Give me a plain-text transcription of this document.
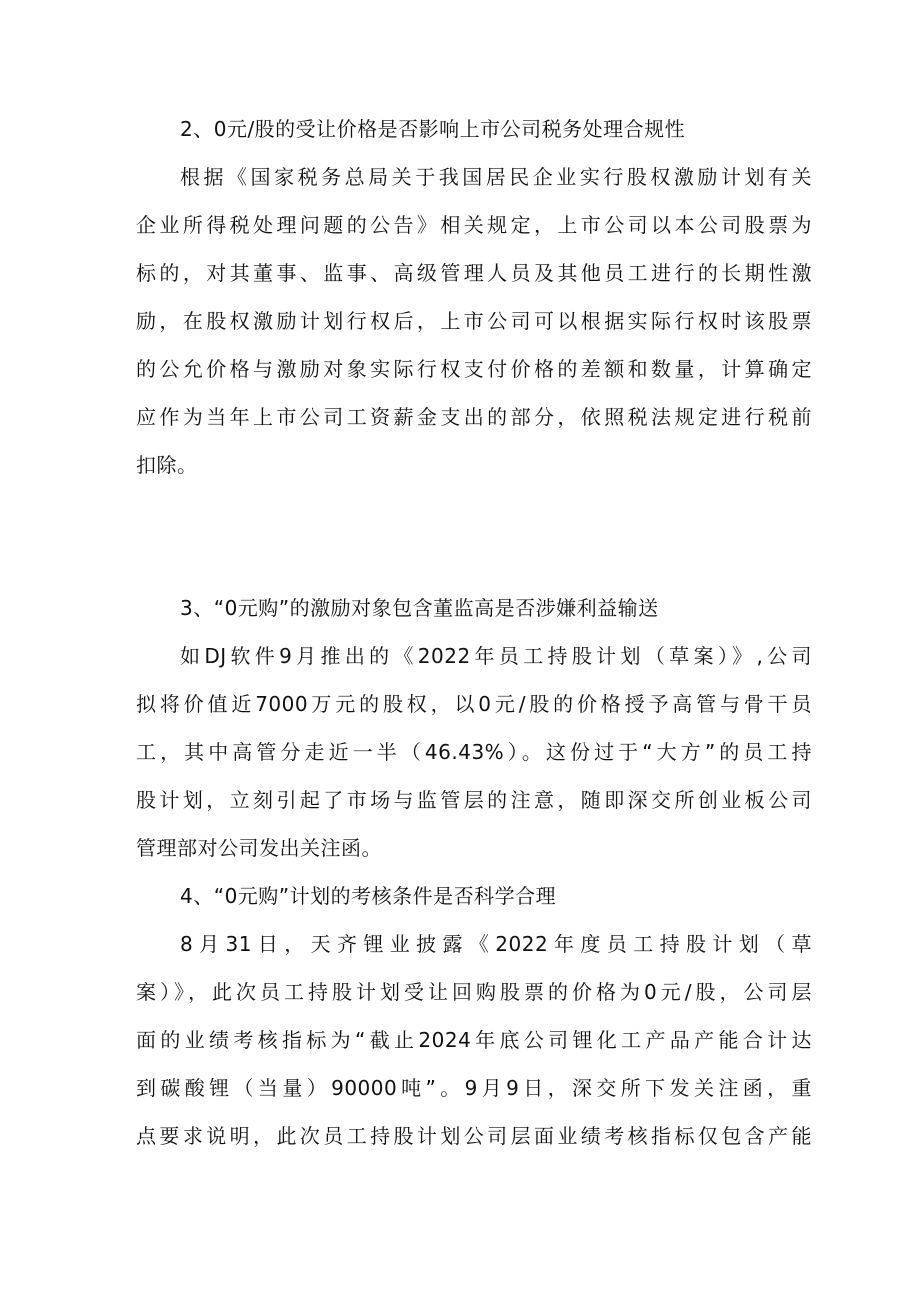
2、0元/股的受让价格是否影响上市公司税务处理合规性
根据《国家税务总局关于我国居民企业实行股权激励计划有关
企业所得税处理问题的公告》相关规定，上市公司以本公司股票为
标的，对其董事、监事、高级管理人员及其他员工进行的长期性激
励，在股权激励计划行权后，上市公司可以根据实际行权时该股票
的公允价格与激励对象实际行权支付价格的差额和数量，计算确定
应作为当年上市公司工资薪金支出的部分，依照税法规定进行税前
扣除。
3、“0元购”的激励对象包含董监高是否涉嫌利益输送
如DJ软件9月推出的《2022年员工持股计划（草案）》,公司
拟将价值近7000万元的股权，以0元/股的价格授予高管与骨干员
工，其中高管分走近一半（46.43%）。这份过于“大方”的员工持
股计划，立刻引起了市场与监管层的注意，随即深交所创业板公司
管理部对公司发出关注函。
4、“0元购”计划的考核条件是否科学合理
8月31日，天齐锂业披露《2022年度员工持股计划（草
案）》，此次员工持股计划受让回购股票的价格为0元/股，公司层
面的业绩考核指标为“截止2024年底公司锂化工产品产能合计达
到碳酸锂（当量）90000吨”。9月9日，深交所下发关注函，重
点要求说明，此次员工持股计划公司层面业绩考核指标仅包含产能
